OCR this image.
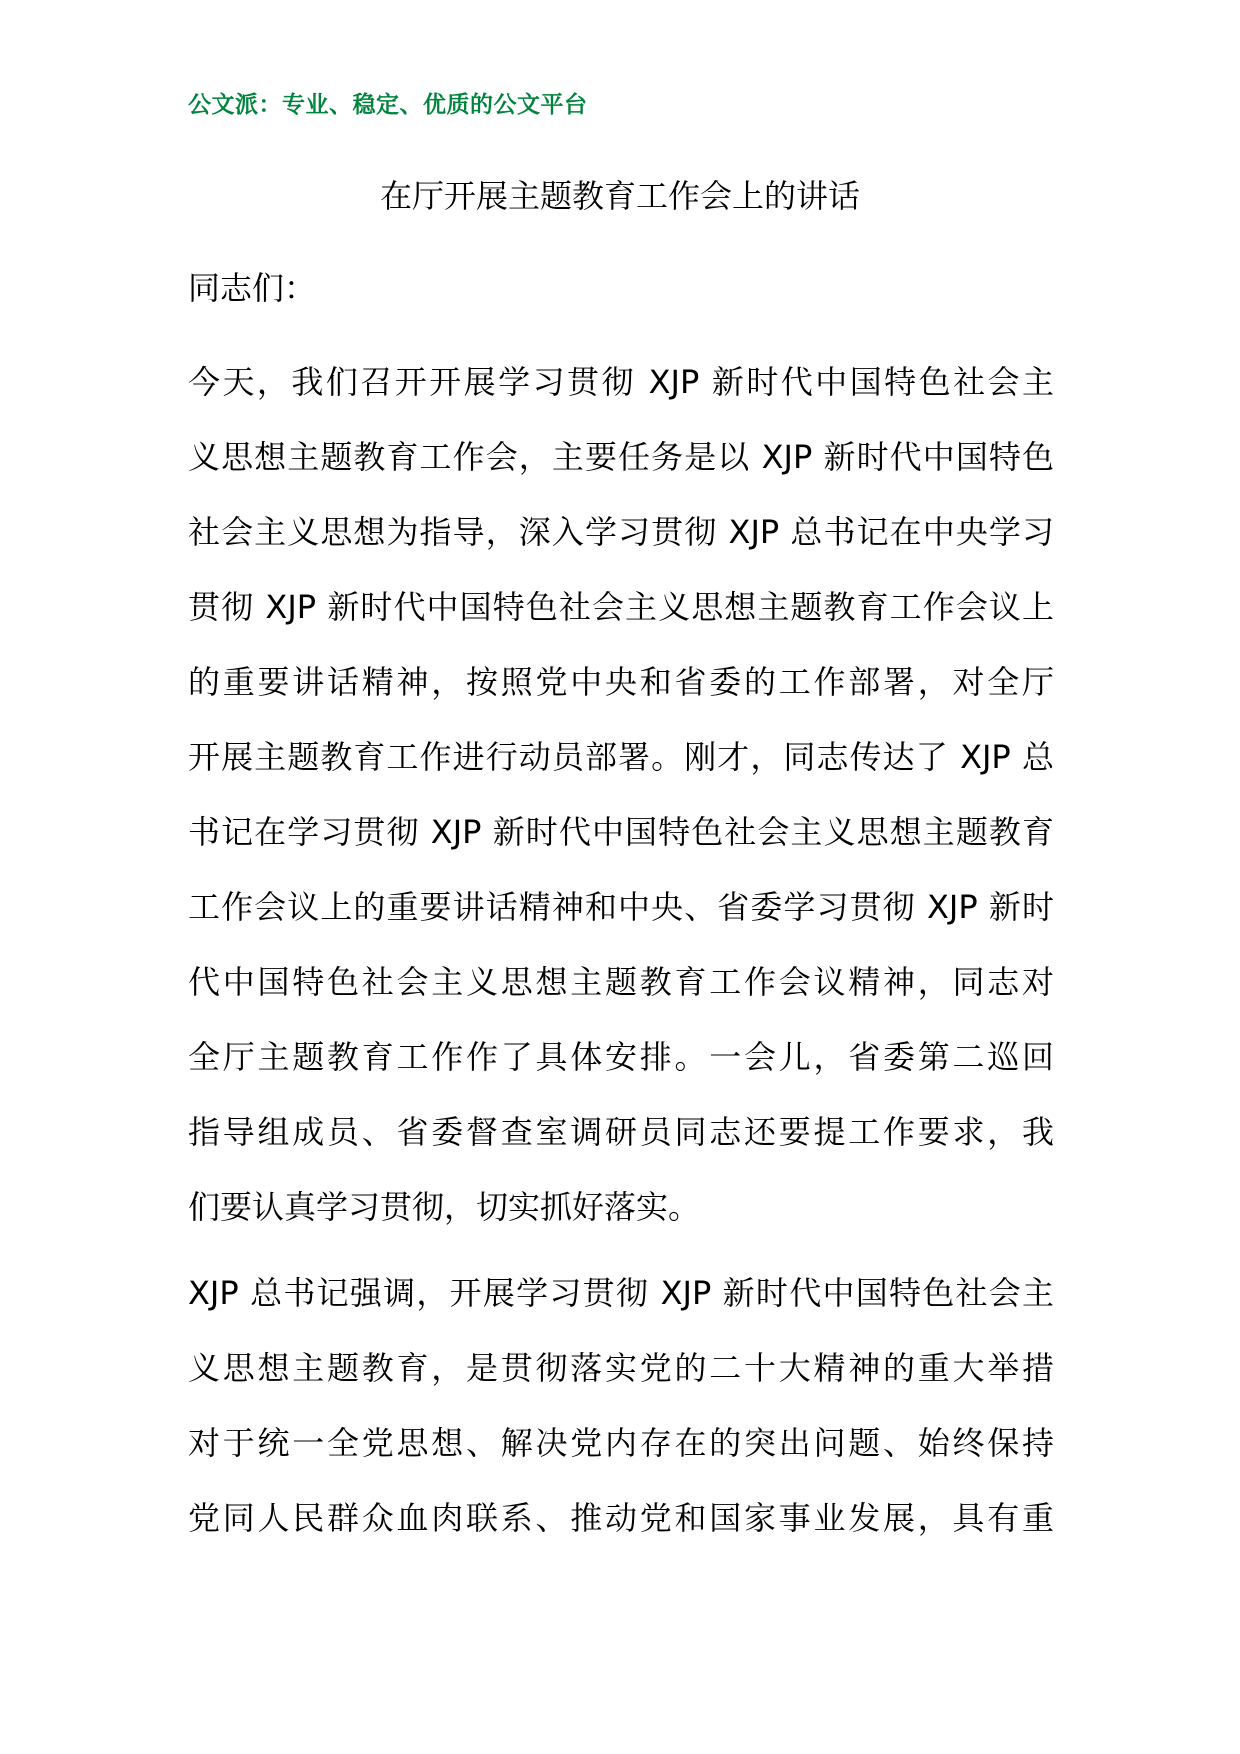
公文派：专业、稳定、优质的公文平台
在厅开展主题教育工作会上的讲话
同志们：
今天，我们召开开展学习贯彻 XJP 新时代中国特色社会主
义思想主题教育工作会，主要任务是以 XJP 新时代中国特色
社会主义思想为指导，深入学习贯彻 XJP 总书记在中央学习
贯彻 XJP 新时代中国特色社会主义思想主题教育工作会议上
的重要讲话精神，按照党中央和省委的工作部署，对全厅
开展主题教育工作进行动员部署。刚才，同志传达了 XJP 总
书记在学习贯彻 XJP 新时代中国特色社会主义思想主题教育
工作会议上的重要讲话精神和中央、省委学习贯彻 XJP 新时
代中国特色社会主义思想主题教育工作会议精神，同志对
全厅主题教育工作作了具体安排。一会儿，省委第二巡回
指导组成员、省委督查室调研员同志还要提工作要求，我
们要认真学习贯彻，切实抓好落实。
XJP 总书记强调，开展学习贯彻 XJP 新时代中国特色社会主
义思想主题教育，是贯彻落实党的二十大精神的重大举措
对于统一全党思想、解决党内存在的突出问题、始终保持
党同人民群众血肉联系、推动党和国家事业发展，具有重
